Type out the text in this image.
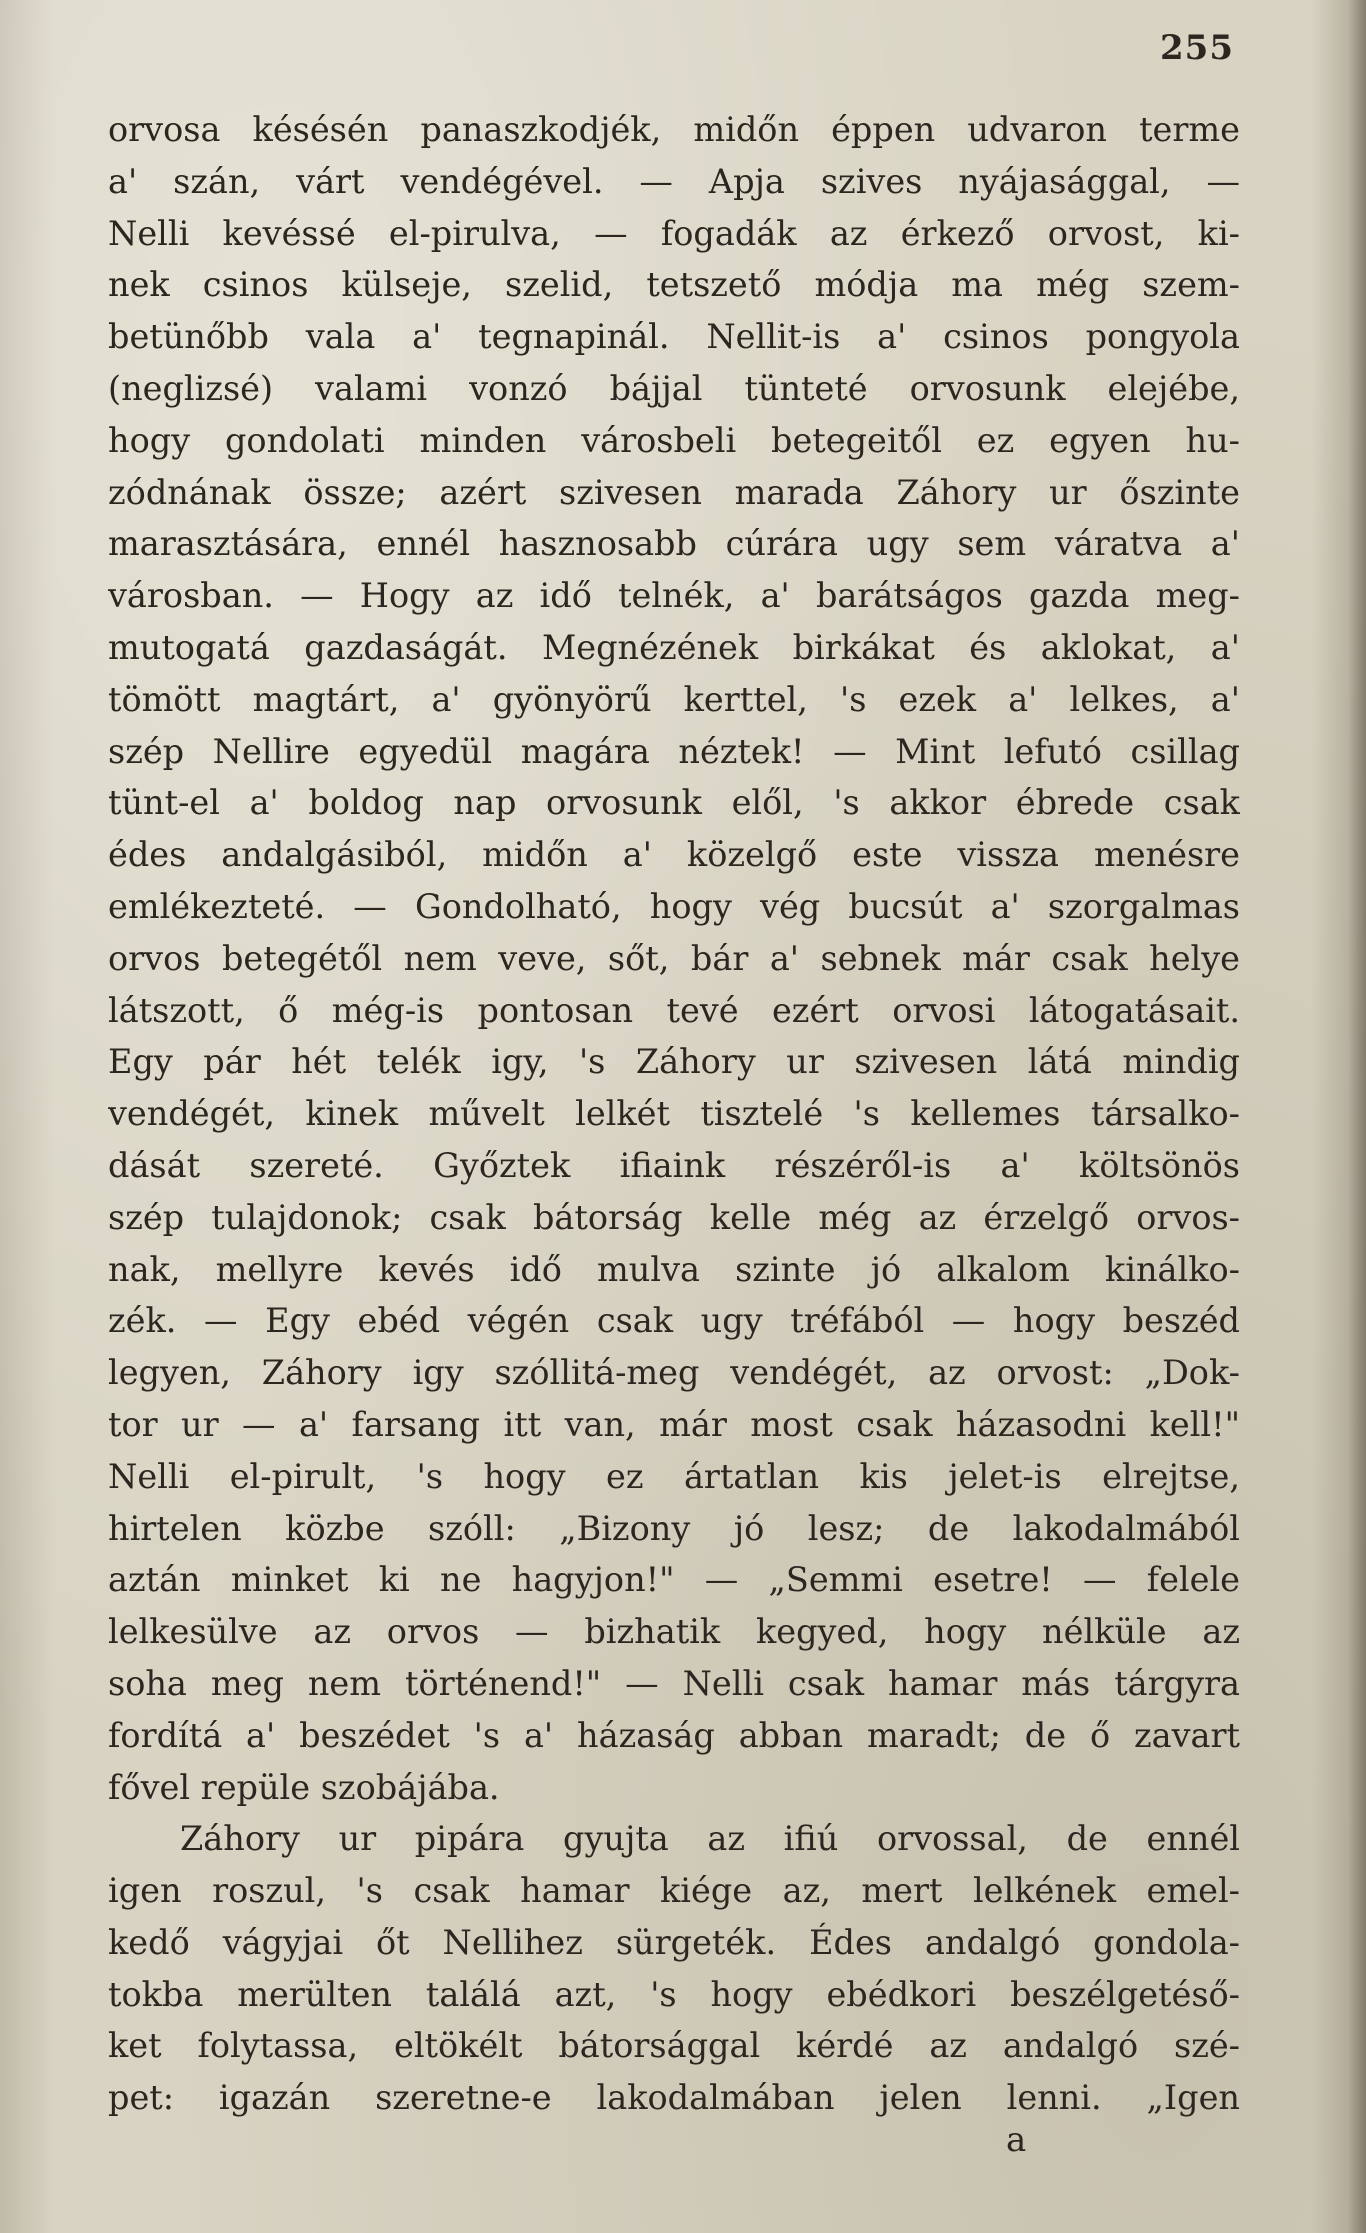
255
orvosa késésén panaszkodjék, midőn éppen udvaron terme
a' szán, várt vendégével. — Apja szives nyájasággal, —
Nelli kevéssé el-pirulva, — fogadák az érkező orvost, ki-
nek csinos külseje, szelid, tetszető módja ma még szem-
betünőbb vala a' tegnapinál. Nellit-is a' csinos pongyola
(neglizsé) valami vonzó bájjal tünteté orvosunk elejébe,
hogy gondolati minden városbeli betegeitől ez egyen hu-
zódnának össze; azért szivesen marada Záhory ur őszinte
marasztására, ennél hasznosabb cúrára ugy sem váratva a'
városban. — Hogy az idő telnék, a' barátságos gazda meg-
mutogatá gazdaságát. Megnézének birkákat és aklokat, a'
tömött magtárt, a' gyönyörű kerttel, 's ezek a' lelkes, a'
szép Nellire egyedül magára néztek! — Mint lefutó csillag
tünt-el a' boldog nap orvosunk elől, 's akkor ébrede csak
édes andalgásiból, midőn a' közelgő este vissza menésre
emlékezteté. — Gondolható, hogy vég bucsút a' szorgalmas
orvos betegétől nem veve, sőt, bár a' sebnek már csak helye
látszott, ő még-is pontosan tevé ezért orvosi látogatásait.
Egy pár hét telék igy, 's Záhory ur szivesen látá mindig
vendégét, kinek művelt lelkét tisztelé 's kellemes társalko-
dását szereté. Győztek ifiaink részéről-is a' költsönös
szép tulajdonok; csak bátorság kelle még az érzelgő orvos-
nak, mellyre kevés idő mulva szinte jó alkalom kinálko-
zék. — Egy ebéd végén csak ugy tréfából — hogy beszéd
legyen, Záhory igy szóllitá-meg vendégét, az orvost: „Dok-
tor ur — a' farsang itt van, már most csak házasodni kell!"
Nelli el-pirult, 's hogy ez ártatlan kis jelet-is elrejtse,
hirtelen közbe szóll: „Bizony jó lesz; de lakodalmából
aztán minket ki ne hagyjon!" — „Semmi esetre! — felele
lelkesülve az orvos — bizhatik kegyed, hogy nélküle az
soha meg nem történend!" — Nelli csak hamar más tárgyra
fordítá a' beszédet 's a' házaság abban maradt; de ő zavart
fővel repüle szobájába.
Záhory ur pipára gyujta az ifiú orvossal, de ennél
igen roszul, 's csak hamar kiége az, mert lelkének emel-
kedő vágyjai őt Nellihez sürgeték. Édes andalgó gondola-
tokba merülten találá azt, 's hogy ebédkori beszélgetéső-
ket folytassa, eltökélt bátorsággal kérdé az andalgó szé-
pet: igazán szeretne-e lakodalmában jelen lenni. „Igen
a
